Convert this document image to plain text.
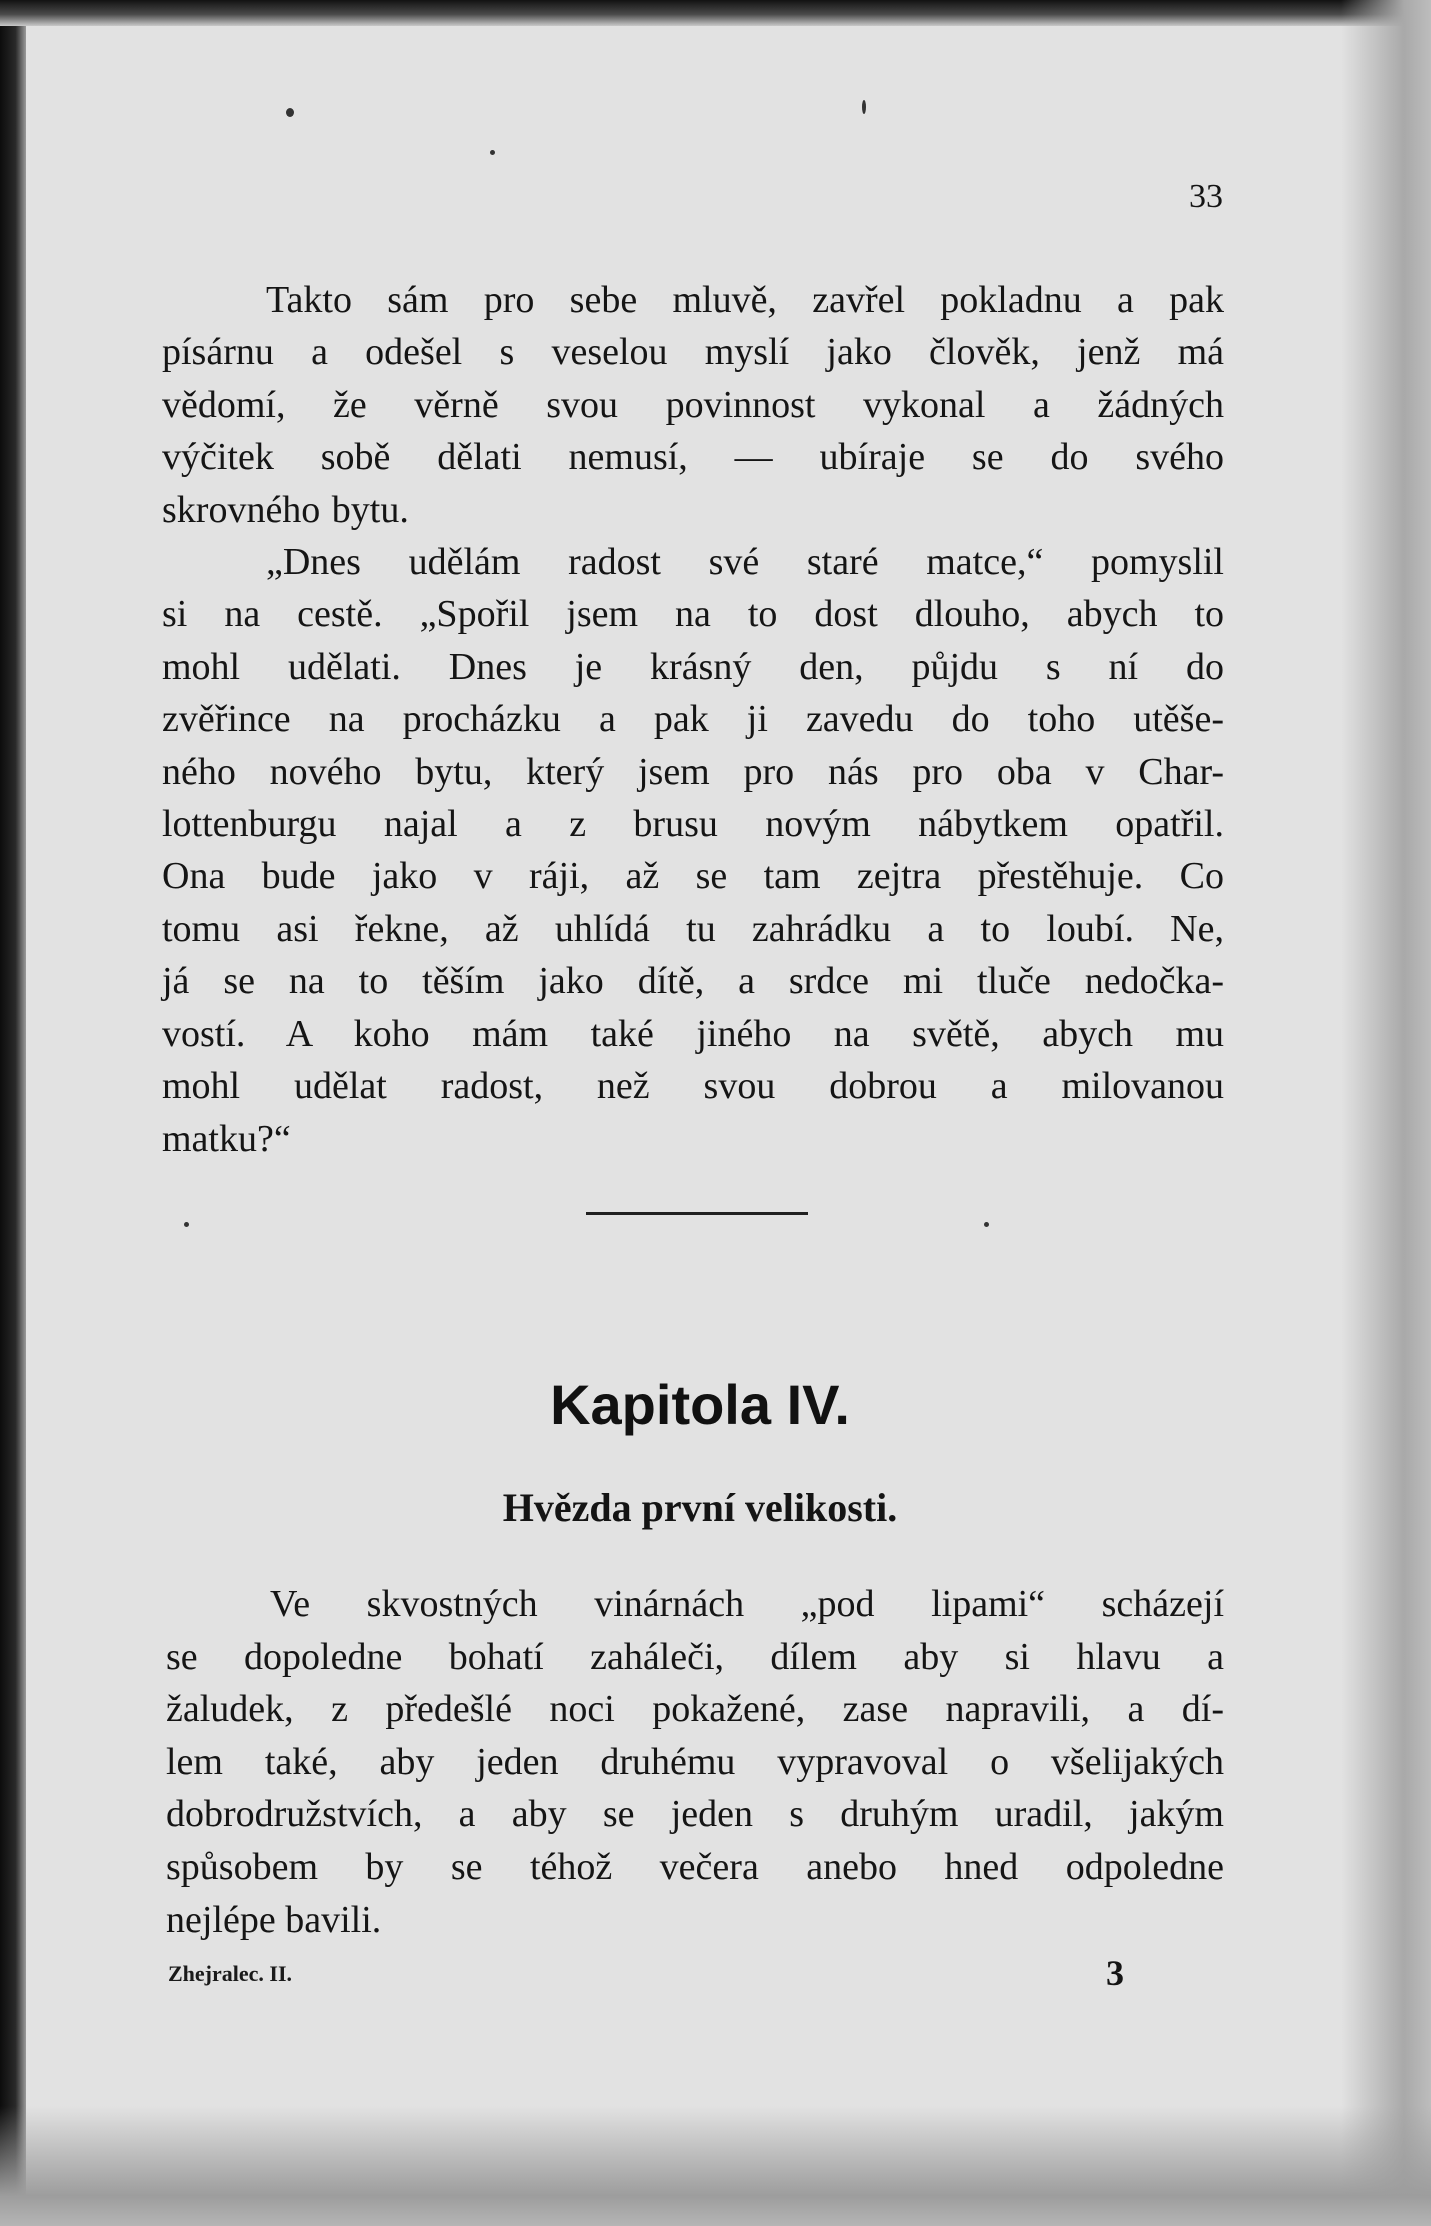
33
Takto sám pro sebe mluvě, zavřel pokladnu a pak
písárnu a odešel s veselou myslí jako člověk, jenž má
vědomí, že věrně svou povinnost vykonal a žádných
výčitek sobě dělati nemusí, — ubíraje se do svého
skrovného bytu.
„Dnes udělám radost své staré matce,“ pomyslil
si na cestě. „Spořil jsem na to dost dlouho, abych to
mohl udělati. Dnes je krásný den, půjdu s ní do
zvěřince na procházku a pak ji zavedu do toho utěše-
ného nového bytu, který jsem pro nás pro oba v Char-
lottenburgu najal a z brusu novým nábytkem opatřil.
Ona bude jako v ráji, až se tam zejtra přestěhuje. Co
tomu asi řekne, až uhlídá tu zahrádku a to loubí. Ne,
já se na to těším jako dítě, a srdce mi tluče nedočka-
vostí. A koho mám také jiného na světě, abych mu
mohl udělat radost, než svou dobrou a milovanou
matku?“
Kapitola IV.
Hvězda první velikosti.
Ve skvostných vinárnách „pod lipami“ scházejí
se dopoledne bohatí zaháleči, dílem aby si hlavu a
žaludek, z předešlé noci pokažené, zase napravili, a dí-
lem také, aby jeden druhému vypravoval o všelijakých
dobrodružstvích, a aby se jeden s druhým uradil, jakým
spůsobem by se téhož večera anebo hned odpoledne
nejlépe bavili.
Zhejralec. II.	3
